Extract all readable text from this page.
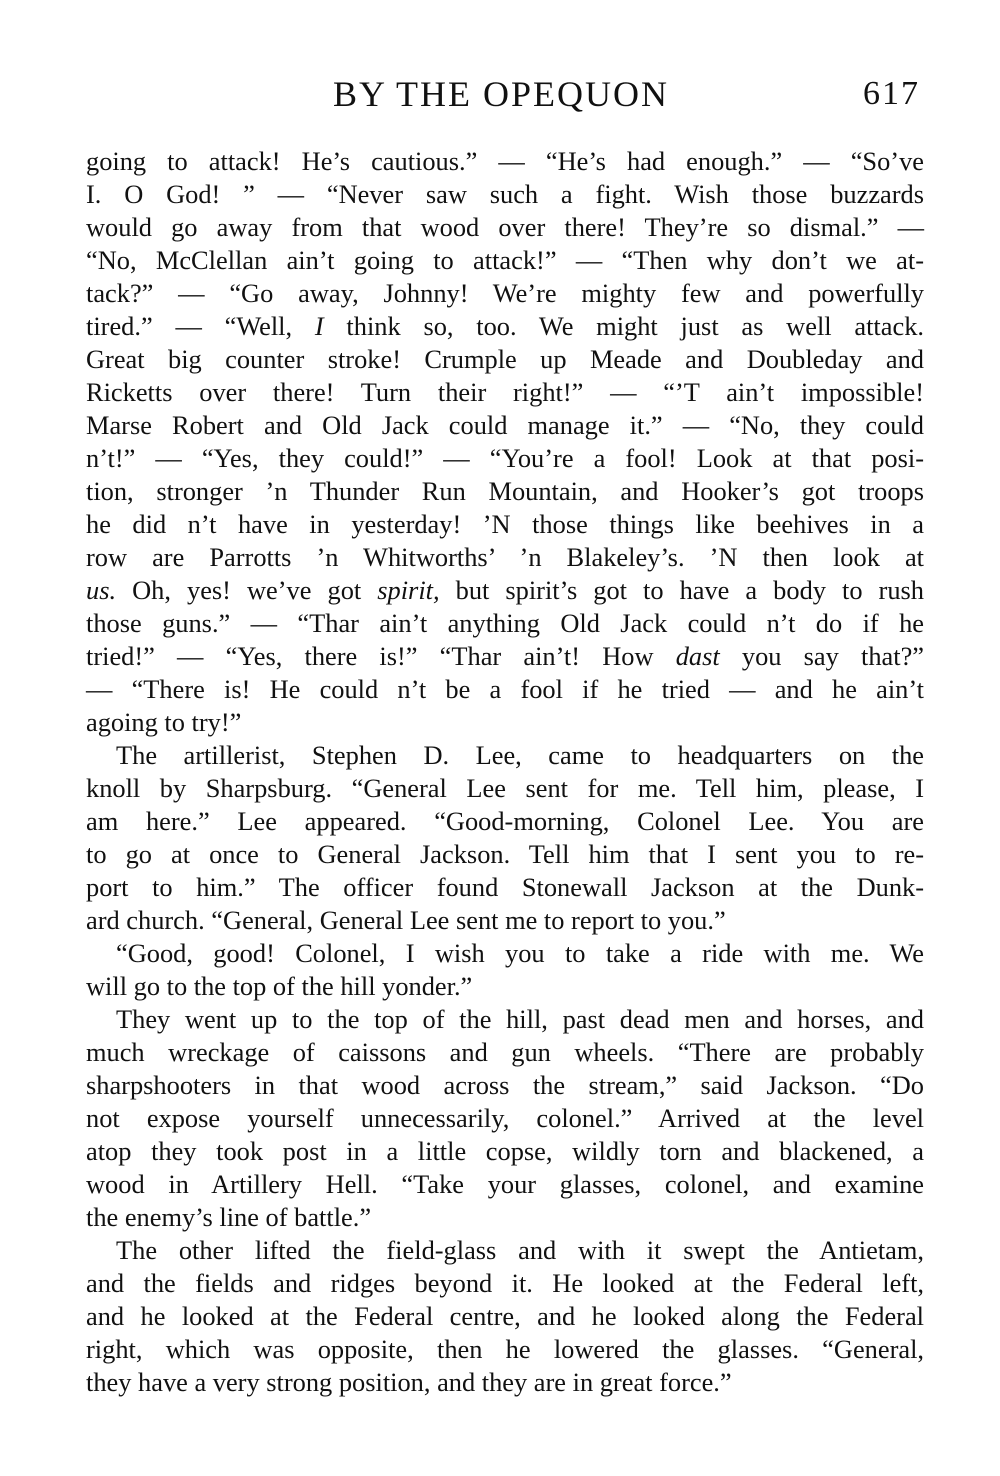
BY THE OPEQUON	617
going to attack! He’s cautious.” — “He’s had enough.” — “So’ve
I. O God! ” — “Never saw such a fight. Wish those buzzards
would go away from that wood over there! They’re so dismal.” —
“No, McClellan ain’t going to attack!” — “Then why don’t we at-
tack?” — “Go away, Johnny! We’re mighty few and powerfully
tired.” — “Well, I think so, too. We might just as well attack.
Great big counter stroke! Crumple up Meade and Doubleday and
Ricketts over there! Turn their right!” — “’T ain’t impossible!
Marse Robert and Old Jack could manage it.” — “No, they could
n’t!” — “Yes, they could!” — “You’re a fool! Look at that posi-
tion, stronger ’n Thunder Run Mountain, and Hooker’s got troops
he did n’t have in yesterday! ’N those things like beehives in a
row are Parrotts ’n Whitworths’ ’n Blakeley’s. ’N then look at
us. Oh, yes! we’ve got spirit, but spirit’s got to have a body to rush
those guns.” — “Thar ain’t anything Old Jack could n’t do if he
tried!” — “Yes, there is!” “Thar ain’t! How dast you say that?”
— “There is! He could n’t be a fool if he tried — and he ain’t
agoing to try!”
The artillerist, Stephen D. Lee, came to headquarters on the
knoll by Sharpsburg. “General Lee sent for me. Tell him, please, I
am here.” Lee appeared. “Good-morning, Colonel Lee. You are
to go at once to General Jackson. Tell him that I sent you to re-
port to him.” The officer found Stonewall Jackson at the Dunk-
ard church. “General, General Lee sent me to report to you.”
“Good, good! Colonel, I wish you to take a ride with me. We
will go to the top of the hill yonder.”
They went up to the top of the hill, past dead men and horses, and
much wreckage of caissons and gun wheels. “There are probably
sharpshooters in that wood across the stream,” said Jackson. “Do
not expose yourself unnecessarily, colonel.” Arrived at the level
atop they took post in a little copse, wildly torn and blackened, a
wood in Artillery Hell. “Take your glasses, colonel, and examine
the enemy’s line of battle.”
The other lifted the field-glass and with it swept the Antietam,
and the fields and ridges beyond it. He looked at the Federal left,
and he looked at the Federal centre, and he looked along the Federal
right, which was opposite, then he lowered the glasses. “General,
they have a very strong position, and they are in great force.”
